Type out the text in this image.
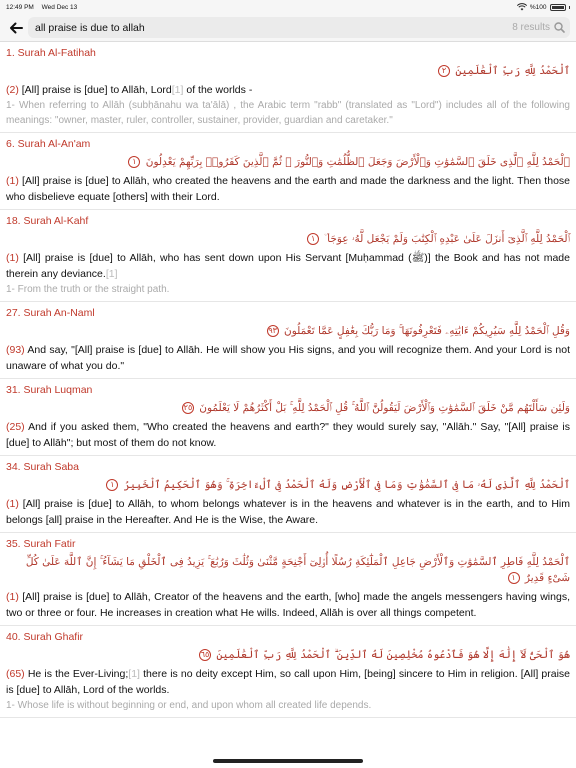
12:49 PM Wed Dec 13	%100
all praise is due to allah
8 results
1. Surah Al-Fatihah
ٱلْحَمْدُ لِلَّهِ رَبِّ ٱلْعَٰلَمِينَ ٢
(2) [All] praise is [due] to Allāh, Lord[1] of the worlds -
1- When referring to Allāh (subḥānahu wa ta'ālā) , the Arabic term "rabb" (translated as "Lord") includes all of the following meanings: "owner, master, ruler, controller, sustainer, provider, guardian and caretaker."
6. Surah Al-An'am
ٱلْحَمْدُ لِلَّهِ ٱلَّذِى خَلَقَ ٱلسَّمَٰوَٰتِ وَٱلْأَرْضَ وَجَعَلَ ٱلظُّلُمَٰتِ وَٱلنُّورَ ۖ ثُمَّ ٱلَّذِينَ كَفَرُوا۟ بِرَبِّهِمْ يَعْدِلُونَ ١
(1) [All] praise is [due] to Allāh, who created the heavens and the earth and made the darkness and the light. Then those who disbelieve equate [others] with their Lord.
18. Surah Al-Kahf
ٱلْحَمْدُ لِلَّهِ ٱلَّذِىٓ أَنزَلَ عَلَىٰ عَبْدِهِ ٱلْكِتَٰبَ وَلَمْ يَجْعَل لَّهُۥ عِوَجَا ۜ ١
(1) [All] praise is [due] to Allāh, who has sent down upon His Servant [Muḥammad (ﷺ)] the Book and has not made therein any deviance.[1]
1- From the truth or the straight path.
27. Surah An-Naml
وَقُلِ ٱلْحَمْدُ لِلَّهِ سَيُرِيكُمْ ءَايَٰتِهِۦ فَتَعْرِفُونَهَا ۚ وَمَا رَبُّكَ بِغَٰفِلٍ عَمَّا تَعْمَلُونَ ٩٣
(93) And say, "[All] praise is [due] to Allāh. He will show you His signs, and you will recognize them. And your Lord is not unaware of what you do."
31. Surah Luqman
وَلَئِن سَأَلْتَهُم مَّنْ خَلَقَ ٱلسَّمَٰوَٰتِ وَٱلْأَرْضَ لَيَقُولُنَّ ٱللَّهُ ۚ قُلِ ٱلْحَمْدُ لِلَّهِ ۚ بَلْ أَكْثَرُهُمْ لَا يَعْلَمُونَ ٢٥
(25) And if you asked them, "Who created the heavens and earth?" they would surely say, "Allāh." Say, "[All] praise is [due] to Allāh"; but most of them do not know.
34. Surah Saba
ٱلْحَمْدُ لِلَّهِ ٱلَّذِى لَهُۥ مَا فِى ٱلسَّمَٰوَٰتِ وَمَا فِى ٱلْأَرْضِ وَلَهُ ٱلْحَمْدُ فِى ٱلْءَاخِرَةِ ۚ وَهُوَ ٱلْحَكِيمُ ٱلْخَبِيرُ ١
(1) [All] praise is [due] to Allāh, to whom belongs whatever is in the heavens and whatever is in the earth, and to Him belongs [all] praise in the Hereafter. And He is the Wise, the Aware.
35. Surah Fatir
ٱلْحَمْدُ لِلَّهِ فَاطِرِ ٱلسَّمَٰوَٰتِ وَٱلْأَرْضِ جَاعِلِ ٱلْمَلَٰٓئِكَةِ رُسُلًا أُو۟لِىٓ أَجْنِحَةٍ مَّثْنَىٰ وَثُلَٰثَ وَرُبَٰعَ ۚ يَزِيدُ فِى ٱلْخَلْقِ مَا يَشَآءُ ۚ إِنَّ ٱللَّهَ عَلَىٰ كُلِّ شَىْءٍ قَدِيرٌ ١
(1) [All] praise is [due] to Allāh, Creator of the heavens and the earth, [who] made the angels messengers having wings, two or three or four. He increases in creation what He wills. Indeed, Allāh is over all things competent.
40. Surah Ghafir
هُوَ ٱلْحَىُّ لَآ إِلَٰهَ إِلَّا هُوَ فَٱدْعُوهُ مُخْلِصِينَ لَهُ ٱلدِّينَ ۗ ٱلْحَمْدُ لِلَّهِ رَبِّ ٱلْعَٰلَمِينَ ٦٥
(65) He is the Ever-Living;[1] there is no deity except Him, so call upon Him, [being] sincere to Him in religion. [All] praise is [due] to Allāh, Lord of the worlds.
1- Whose life is without beginning or end, and upon whom all created life depends.
